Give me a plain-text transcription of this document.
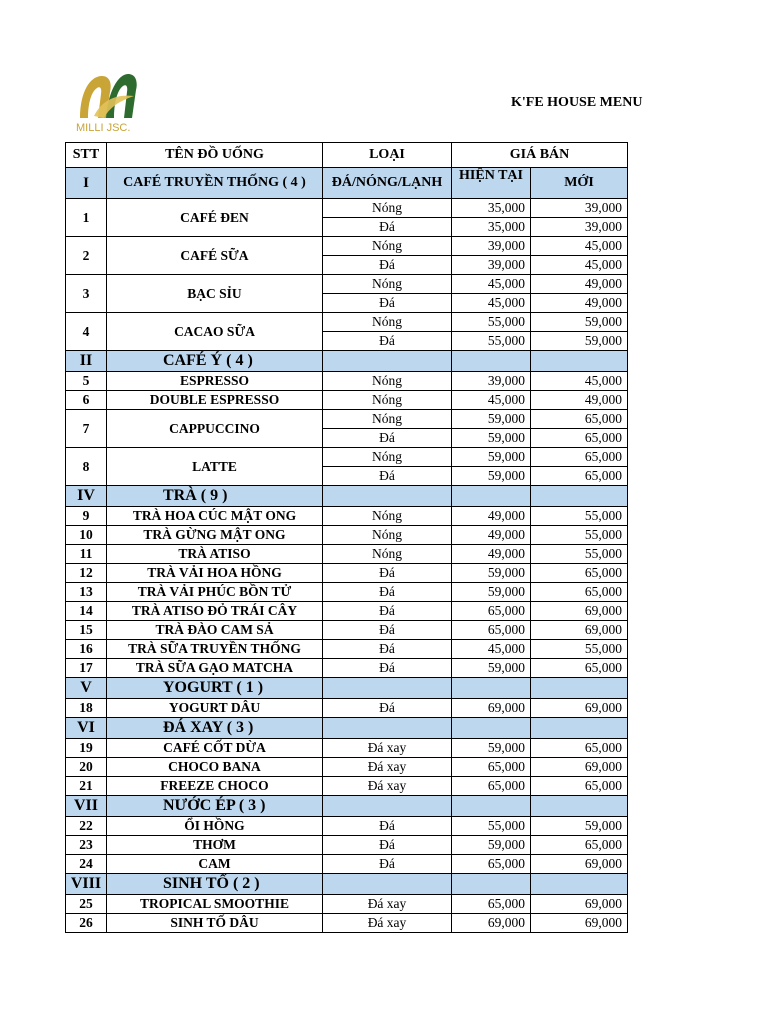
MILLI JSC.
K'FE HOUSE MENU
STT	TÊN ĐỒ UỐNG	LOẠI	GIÁ BÁN	
I	CAFÉ TRUYỀN THỐNG ( 4 )	ĐÁ/NÓNG/LẠNH	HIỆN TẠI	MỚI
1	CAFÉ ĐEN	Nóng	35,000	39,000
		Đá	35,000	39,000
2	CAFÉ SỮA	Nóng	39,000	45,000
		Đá	39,000	45,000
3	BẠC SỈU	Nóng	45,000	49,000
		Đá	45,000	49,000
4	CACAO SỮA	Nóng	55,000	59,000
		Đá	55,000	59,000
II	CAFÉ Ý ( 4 )			
5	ESPRESSO	Nóng	39,000	45,000
6	DOUBLE ESPRESSO	Nóng	45,000	49,000
7	CAPPUCCINO	Nóng	59,000	65,000
		Đá	59,000	65,000
8	LATTE	Nóng	59,000	65,000
		Đá	59,000	65,000
IV	TRÀ ( 9 )			
9	TRÀ HOA CÚC MẬT ONG	Nóng	49,000	55,000
10	TRÀ GỪNG MẬT ONG	Nóng	49,000	55,000
11	TRÀ ATISO	Nóng	49,000	55,000
12	TRÀ VẢI HOA HỒNG	Đá	59,000	65,000
13	TRÀ VẢI PHÚC BỒN TỬ	Đá	59,000	65,000
14	TRÀ ATISO ĐỎ TRÁI CÂY	Đá	65,000	69,000
15	TRÀ ĐÀO CAM SẢ	Đá	65,000	69,000
16	TRÀ SỮA TRUYỀN THỐNG	Đá	45,000	55,000
17	TRÀ SỮA GẠO MATCHA	Đá	59,000	65,000
V	YOGURT ( 1 )			
18	YOGURT DÂU	Đá	69,000	69,000
VI	ĐÁ XAY ( 3 )			
19	CAFÉ CỐT DỪA	Đá xay	59,000	65,000
20	CHOCO BANA	Đá xay	65,000	69,000
21	FREEZE CHOCO	Đá xay	65,000	65,000
VII	NƯỚC ÉP ( 3 )			
22	ỔI HỒNG	Đá	55,000	59,000
23	THƠM	Đá	59,000	65,000
24	CAM	Đá	65,000	69,000
VIII	SINH TỐ ( 2 )			
25	TROPICAL SMOOTHIE	Đá xay	65,000	69,000
26	SINH TỐ DÂU	Đá xay	69,000	69,000
